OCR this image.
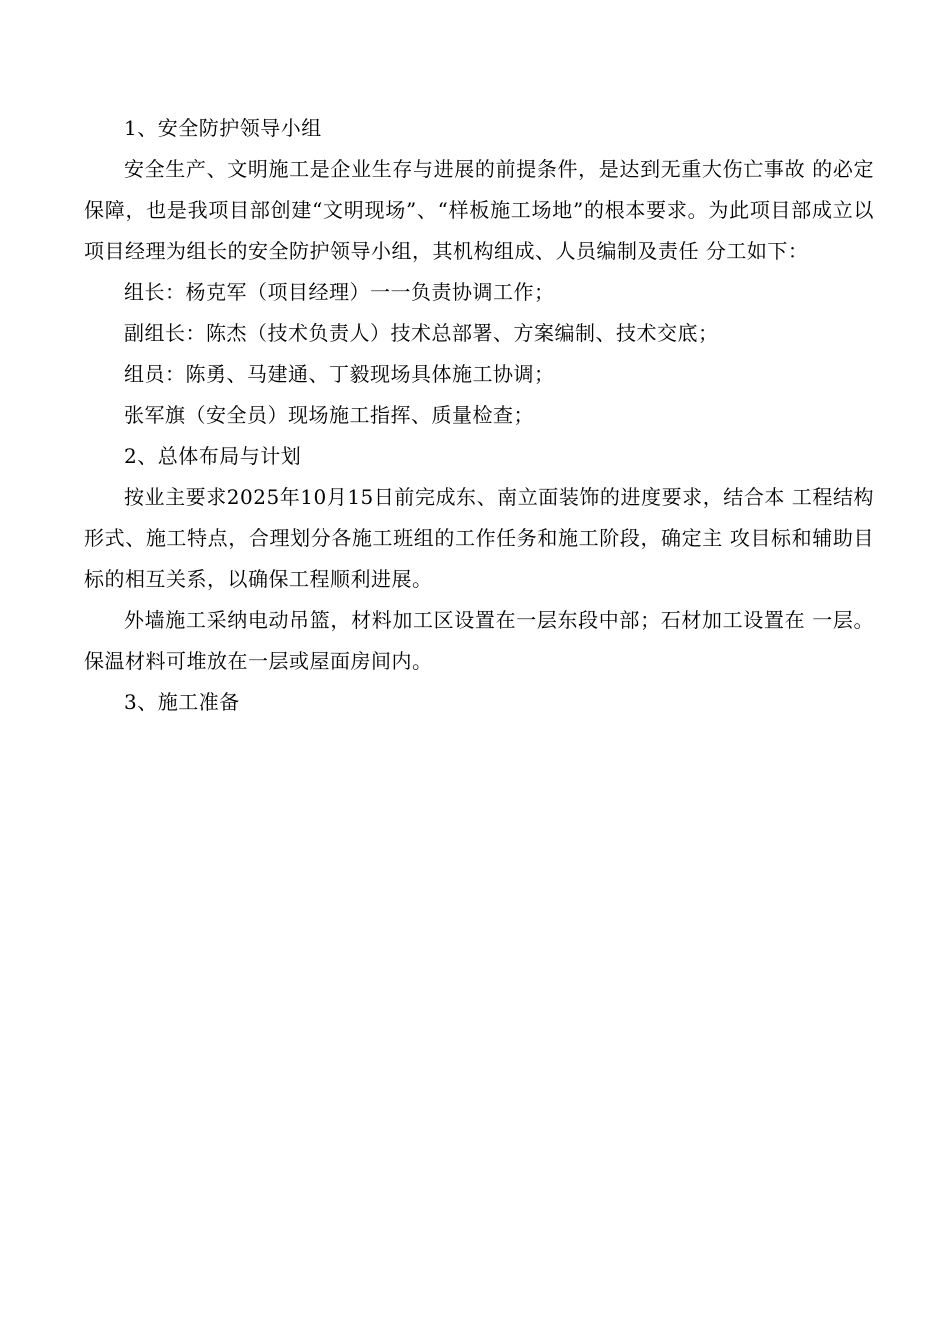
1、安全防护领导小组

安全生产、文明施工是企业生存与进展的前提条件，是达到无重大伤亡事故 的必定保障，也是我项目部创建“文明现场”、“样板施工场地”的根本要求。为此项目部成立以项目经理为组长的安全防护领导小组，其机构组成、人员编制及责任 分工如下：

组长：杨克军（项目经理）一一负责协调工作；

副组长：陈杰（技术负责人）技术总部署、方案编制、技术交底；

组员：陈勇、马建通、丁毅现场具体施工协调；

张军旗（安全员）现场施工指挥、质量检查；

2、总体布局与计划

按业主要求2025年10月15日前完成东、南立面装饰的进度要求，结合本 工程结构形式、施工特点，合理划分各施工班组的工作任务和施工阶段，确定主 攻目标和辅助目标的相互关系，以确保工程顺利进展。

外墙施工采纳电动吊篮，材料加工区设置在一层东段中部；石材加工设置在 一层。保温材料可堆放在一层或屋面房间内。

3、施工准备
